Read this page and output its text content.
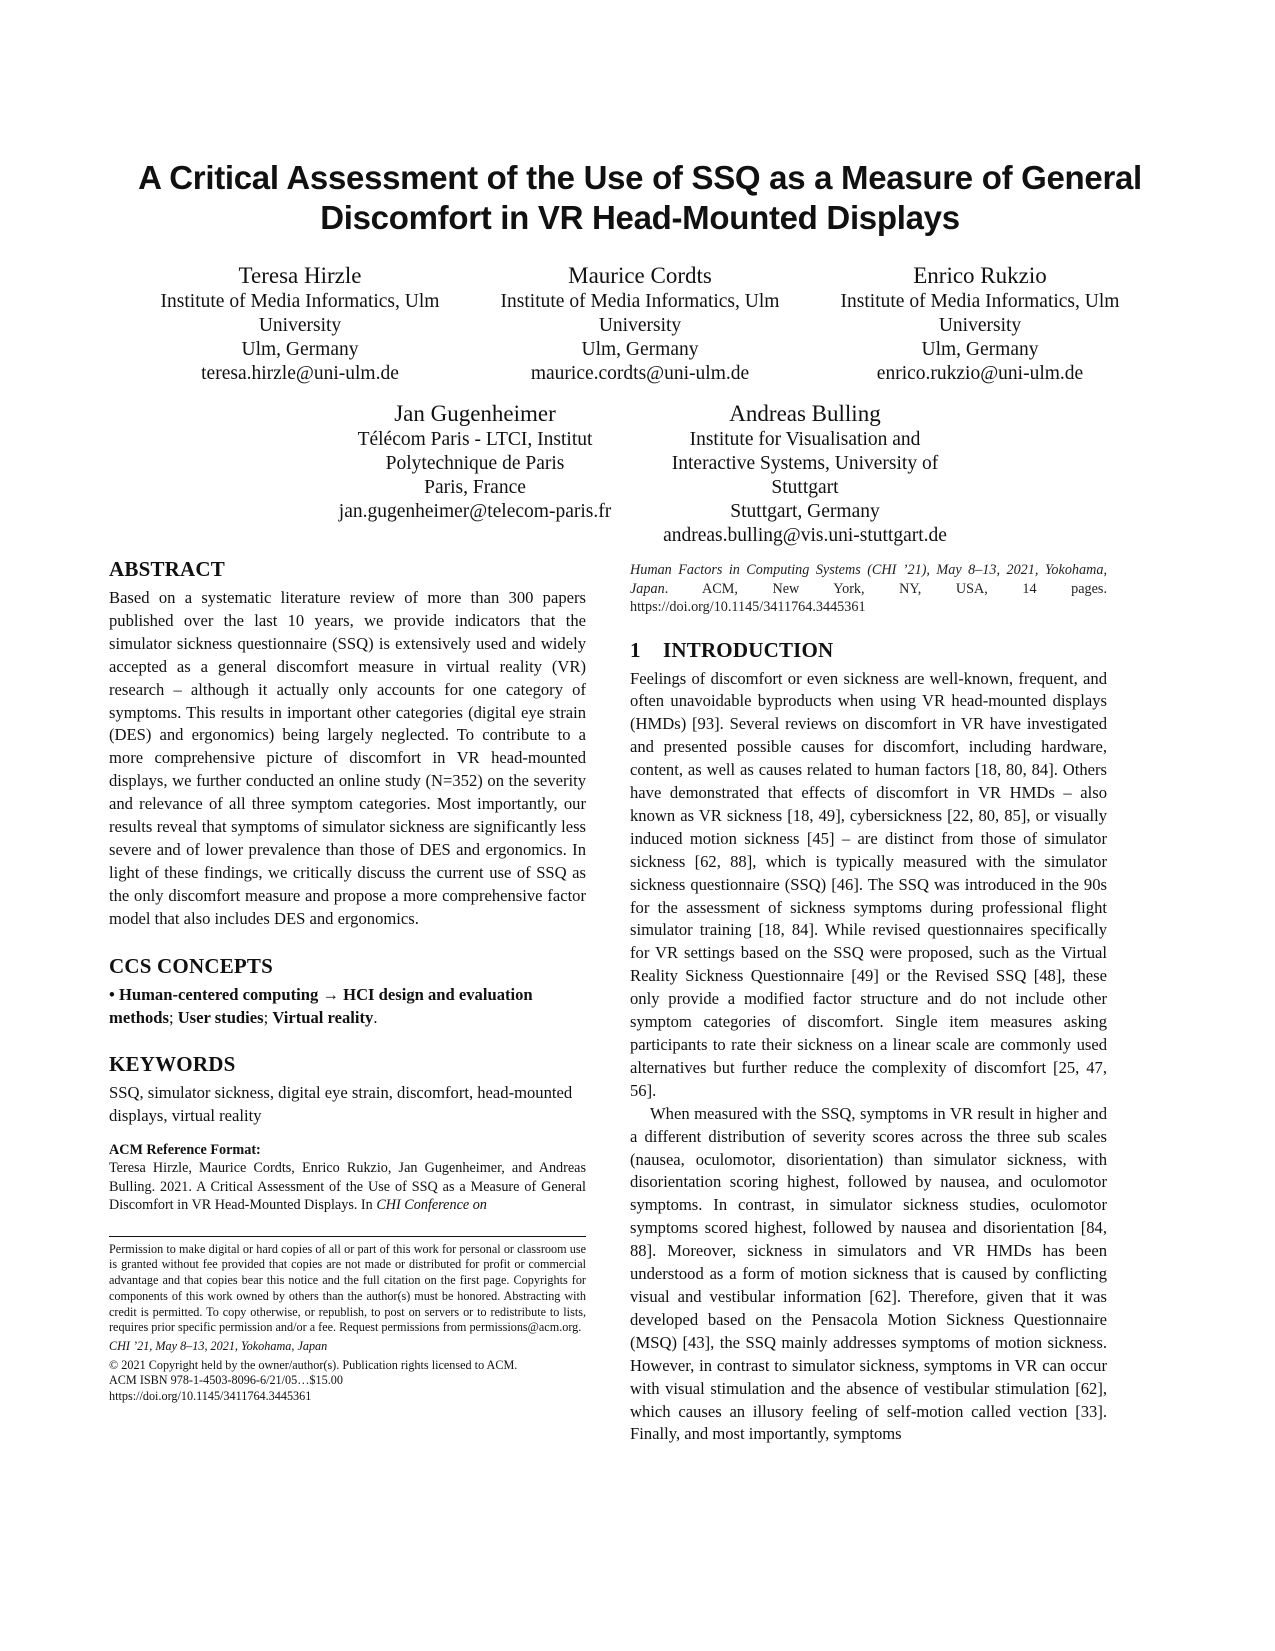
A Critical Assessment of the Use of SSQ as a Measure of General Discomfort in VR Head-Mounted Displays
Teresa Hirzle
Institute of Media Informatics, Ulm
University
Ulm, Germany
teresa.hirzle@uni-ulm.de
Maurice Cordts
Institute of Media Informatics, Ulm
University
Ulm, Germany
maurice.cordts@uni-ulm.de
Enrico Rukzio
Institute of Media Informatics, Ulm
University
Ulm, Germany
enrico.rukzio@uni-ulm.de
Jan Gugenheimer
Télécom Paris - LTCI, Institut
Polytechnique de Paris
Paris, France
jan.gugenheimer@telecom-paris.fr
Andreas Bulling
Institute for Visualisation and
Interactive Systems, University of
Stuttgart
Stuttgart, Germany
andreas.bulling@vis.uni-stuttgart.de
ABSTRACT

Based on a systematic literature review of more than 300 papers published over the last 10 years, we provide indicators that the simulator sickness questionnaire (SSQ) is extensively used and widely accepted as a general discomfort measure in virtual reality (VR) research – although it actually only accounts for one category of symptoms. This results in important other categories (digital eye strain (DES) and ergonomics) being largely neglected. To contribute to a more comprehensive picture of discomfort in VR head-mounted displays, we further conducted an online study (N=352) on the severity and relevance of all three symptom categories. Most importantly, our results reveal that symptoms of simulator sickness are significantly less severe and of lower prevalence than those of DES and ergonomics. In light of these findings, we critically discuss the current use of SSQ as the only discomfort measure and propose a more comprehensive factor model that also includes DES and ergonomics.

CCS CONCEPTS

• Human-centered computing → HCI design and evaluation methods; User studies; Virtual reality.

KEYWORDS

SSQ, simulator sickness, digital eye strain, discomfort, head-mounted displays, virtual reality

ACM Reference Format:

Teresa Hirzle, Maurice Cordts, Enrico Rukzio, Jan Gugenheimer, and Andreas Bulling. 2021. A Critical Assessment of the Use of SSQ as a Measure of General Discomfort in VR Head-Mounted Displays. In CHI Conference on

Permission to make digital or hard copies of all or part of this work for personal or classroom use is granted without fee provided that copies are not made or distributed for profit or commercial advantage and that copies bear this notice and the full citation on the first page. Copyrights for components of this work owned by others than the author(s) must be honored. Abstracting with credit is permitted. To copy otherwise, or republish, to post on servers or to redistribute to lists, requires prior specific permission and/or a fee. Request permissions from permissions@acm.org.

CHI ’21, May 8–13, 2021, Yokohama, Japan

© 2021 Copyright held by the owner/author(s). Publication rights licensed to ACM.

ACM ISBN 978-1-4503-8096-6/21/05…$15.00

https://doi.org/10.1145/3411764.3445361

Human Factors in Computing Systems (CHI ’21), May 8–13, 2021, Yokohama, Japan. ACM, New York, NY, USA, 14 pages. https://doi.org/10.1145/3411764.3445361

1 INTRODUCTION

Feelings of discomfort or even sickness are well-known, frequent, and often unavoidable byproducts when using VR head-mounted displays (HMDs) [93]. Several reviews on discomfort in VR have investigated and presented possible causes for discomfort, including hardware, content, as well as causes related to human factors [18, 80, 84]. Others have demonstrated that effects of discomfort in VR HMDs – also known as VR sickness [18, 49], cybersickness [22, 80, 85], or visually induced motion sickness [45] – are distinct from those of simulator sickness [62, 88], which is typically measured with the simulator sickness questionnaire (SSQ) [46]. The SSQ was introduced in the 90s for the assessment of sickness symptoms during professional flight simulator training [18, 84]. While revised questionnaires specifically for VR settings based on the SSQ were proposed, such as the Virtual Reality Sickness Questionnaire [49] or the Revised SSQ [48], these only provide a modified factor structure and do not include other symptom categories of discomfort. Single item measures asking participants to rate their sickness on a linear scale are commonly used alternatives but further reduce the complexity of discomfort [25, 47, 56].

When measured with the SSQ, symptoms in VR result in higher and a different distribution of severity scores across the three sub scales (nausea, oculomotor, disorientation) than simulator sickness, with disorientation scoring highest, followed by nausea, and oculomotor symptoms. In contrast, in simulator sickness studies, oculomotor symptoms scored highest, followed by nausea and disorientation [84, 88]. Moreover, sickness in simulators and VR HMDs has been understood as a form of motion sickness that is caused by conflicting visual and vestibular information [62]. Therefore, given that it was developed based on the Pensacola Motion Sickness Questionnaire (MSQ) [43], the SSQ mainly addresses symptoms of motion sickness. However, in contrast to simulator sickness, symptoms in VR can occur with visual stimulation and the absence of vestibular stimulation [62], which causes an illusory feeling of self-motion called vection [33]. Finally, and most importantly, symptoms
